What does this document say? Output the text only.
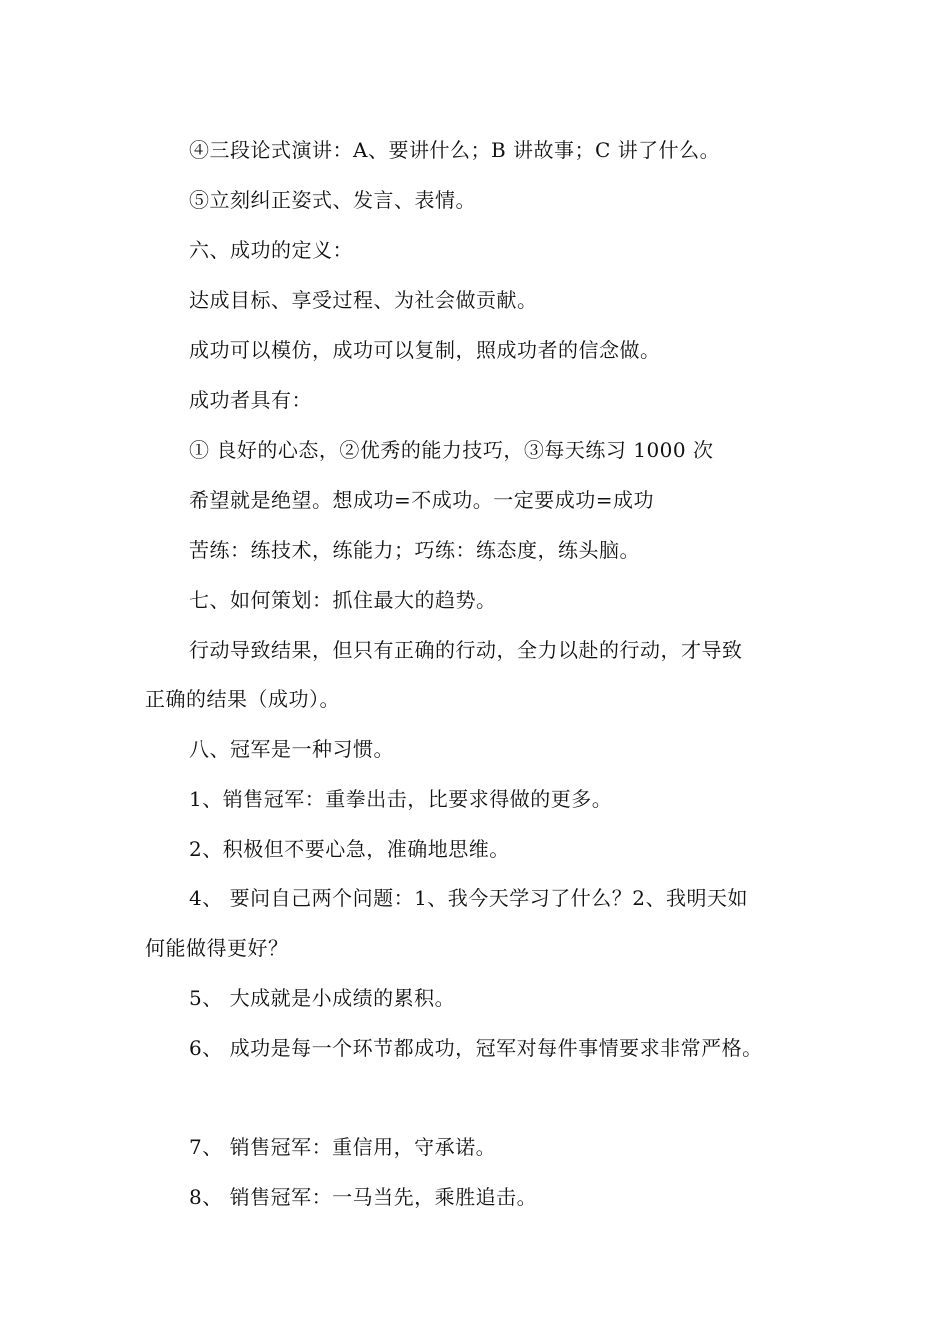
④三段论式演讲：A、要讲什么；B 讲故事；C 讲了什么。
⑤立刻纠正姿式、发言、表情。
六、成功的定义：
达成目标、享受过程、为社会做贡献。
成功可以模仿，成功可以复制，照成功者的信念做。
成功者具有：
① 良好的心态，②优秀的能力技巧，③每天练习 1000 次
希望就是绝望。想成功=不成功。一定要成功=成功
苦练：练技术，练能力；巧练：练态度，练头脑。
七、如何策划：抓住最大的趋势。
行动导致结果，但只有正确的行动，全力以赴的行动，才导致
正确的结果（成功）。
八、冠军是一种习惯。
1、销售冠军：重拳出击，比要求得做的更多。
2、积极但不要心急，准确地思维。
4、 要问自己两个问题：1、我今天学习了什么？2、我明天如
何能做得更好？
5、 大成就是小成绩的累积。
6、 成功是每一个环节都成功，冠军对每件事情要求非常严格。
7、 销售冠军：重信用，守承诺。
8、 销售冠军：一马当先，乘胜追击。
